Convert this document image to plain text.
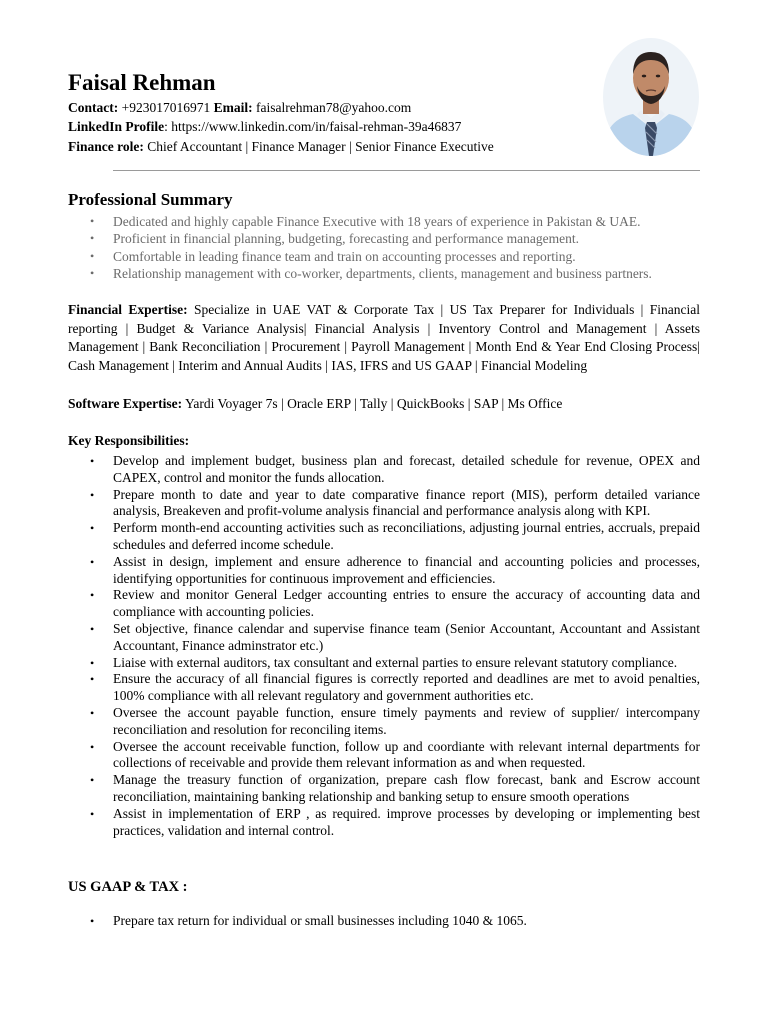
Faisal Rehman
Contact: +923017016971 Email: faisalrehman78@yahoo.com
LinkedIn Profile: https://www.linkedin.com/in/faisal-rehman-39a46837
Finance role: Chief Accountant | Finance Manager | Senior Finance Executive
Professional Summary
• Dedicated and highly capable Finance Executive with 18 years of experience in Pakistan & UAE.
• Proficient in financial planning, budgeting, forecasting and performance management.
• Comfortable in leading finance team and train on accounting processes and reporting.
• Relationship management with co-worker, departments, clients, management and business partners.
Financial Expertise: Specialize in UAE VAT & Corporate Tax | US Tax Preparer for Individuals | Financial reporting | Budget & Variance Analysis| Financial Analysis | Inventory Control and Management | Assets Management | Bank Reconciliation | Procurement | Payroll Management | Month End & Year End Closing Process| Cash Management | Interim and Annual Audits | IAS, IFRS and US GAAP | Financial Modeling
Software Expertise: Yardi Voyager 7s | Oracle ERP | Tally | QuickBooks | SAP | Ms Office
Key Responsibilities:
• Develop and implement budget, business plan and forecast, detailed schedule for revenue, OPEX and CAPEX, control and monitor the funds allocation.
• Prepare month to date and year to date comparative finance report (MIS), perform detailed variance analysis, Breakeven and profit-volume analysis financial and performance analysis along with KPI.
• Perform month-end accounting activities such as reconciliations, adjusting journal entries, accruals, prepaid schedules and deferred income schedule.
• Assist in design, implement and ensure adherence to financial and accounting policies and processes, identifying opportunities for continuous improvement and efficiencies.
• Review and monitor General Ledger accounting entries to ensure the accuracy of accounting data and compliance with accounting policies.
• Set objective, finance calendar and supervise finance team (Senior Accountant, Accountant and Assistant Accountant, Finance adminstrator etc.)
• Liaise with external auditors, tax consultant and external parties to ensure relevant statutory compliance.
• Ensure the accuracy of all financial figures is correctly reported and deadlines are met to avoid penalties, 100% compliance with all relevant regulatory and government authorities etc.
• Oversee the account payable function, ensure timely payments and review of supplier/ intercompany reconciliation and resolution for reconciling items.
• Oversee the account receivable function, follow up and coordiante with relevant internal departments for collections of receivable and provide them relevant information as and when requested.
• Manage the treasury function of organization, prepare cash flow forecast, bank and Escrow account reconciliation, maintaining banking relationship and banking setup to ensure smooth operations
• Assist in implementation of ERP , as required. improve processes by developing or implementing best practices, validation and internal control.
US GAAP & TAX :
• Prepare tax return for individual or small businesses including 1040 & 1065.
